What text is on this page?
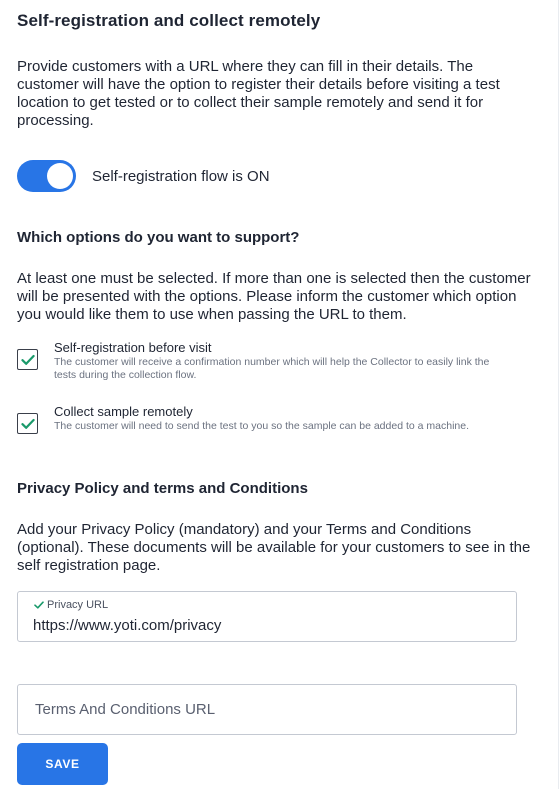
Self-registration and collect remotely

Provide customers with a URL where they can fill in their details. The customer will have the option to register their details before visiting a test location to get tested or to collect their sample remotely and send it for processing.

Self-registration flow is ON
Which options do you want to support?

At least one must be selected. If more than one is selected then the customer will be presented with the options. Please inform the customer which option you would like them to use when passing the URL to them.

Self-registration before visit
The customer will receive a confirmation number which will help the Collector to easily link the tests during the collection flow.
Collect sample remotely
The customer will need to send the test to you so the sample can be added to a machine.
Privacy Policy and terms and Conditions

Add your Privacy Policy (mandatory) and your Terms and Conditions (optional). These documents will be available for your customers to see in the self registration page.

Privacy URL
https://www.yoti.com/privacy
Terms And Conditions URL
SAVE
